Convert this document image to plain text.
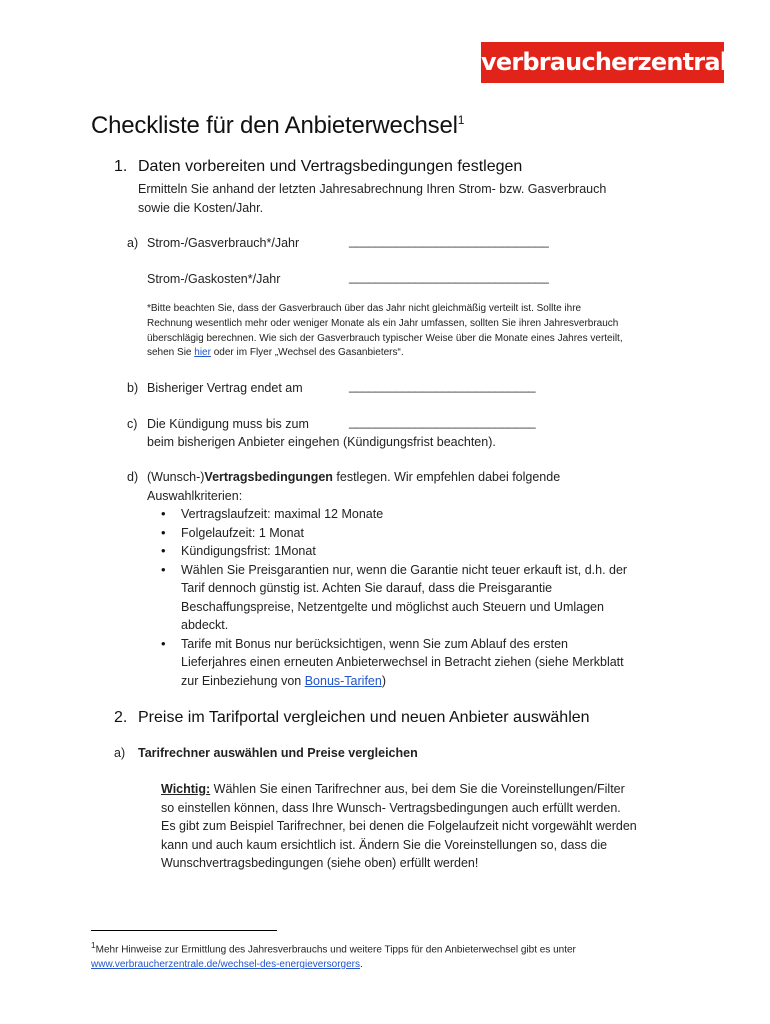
verbraucherzentrale
Checkliste für den Anbieterwechsel$^1$
1. Daten vorbereiten und Vertragsbedingungen festlegen
Ermitteln Sie anhand der letzten Jahresabrechnung Ihren Strom- bzw. Gasverbrauch
sowie die Kosten/Jahr.
a) Strom-/Gasverbrauch*/Jahr	______________________________
Strom-/Gaskosten*/Jahr	______________________________
*Bitte beachten Sie, dass der Gasverbrauch über das Jahr nicht gleichmäßig verteilt ist. Sollte ihre
Rechnung wesentlich mehr oder weniger Monate als ein Jahr umfassen, sollten Sie ihren Jahresverbrauch
überschlägig berechnen. Wie sich der Gasverbrauch typischer Weise über die Monate eines Jahres verteilt,
sehen Sie hier oder im Flyer „Wechsel des Gasanbieters“.
b) Bisheriger Vertrag endet am	____________________________
c) Die Kündigung muss bis zum	____________________________
beim bisherigen Anbieter eingehen (Kündigungsfrist beachten).
d) (Wunsch-)Vertragsbedingungen festlegen. Wir empfehlen dabei folgende
Auswahlkriterien:
• Vertragslaufzeit: maximal 12 Monate
• Folgelaufzeit: 1 Monat
• Kündigungsfrist: 1Monat
• Wählen Sie Preisgarantien nur, wenn die Garantie nicht teuer erkauft ist, d.h. der
Tarif dennoch günstig ist. Achten Sie darauf, dass die Preisgarantie
Beschaffungspreise, Netzentgelte und möglichst auch Steuern und Umlagen
abdeckt.
• Tarife mit Bonus nur berücksichtigen, wenn Sie zum Ablauf des ersten
Lieferjahres einen erneuten Anbieterwechsel in Betracht ziehen (siehe Merkblatt
zur Einbeziehung von Bonus-Tarifen)
2. Preise im Tarifportal vergleichen und neuen Anbieter auswählen
a) Tarifrechner auswählen und Preise vergleichen
Wichtig: Wählen Sie einen Tarifrechner aus, bei dem Sie die Voreinstellungen/Filter
so einstellen können, dass Ihre Wunsch- Vertragsbedingungen auch erfüllt werden.
Es gibt zum Beispiel Tarifrechner, bei denen die Folgelaufzeit nicht vorgewählt werden
kann und auch kaum ersichtlich ist. Ändern Sie die Voreinstellungen so, dass die
Wunschvertragsbedingungen (siehe oben) erfüllt werden!
$^1$Mehr Hinweise zur Ermittlung des Jahresverbrauchs und weitere Tipps für den Anbieterwechsel gibt es unter
www.verbraucherzentrale.de/wechsel-des-energieversorgers.
